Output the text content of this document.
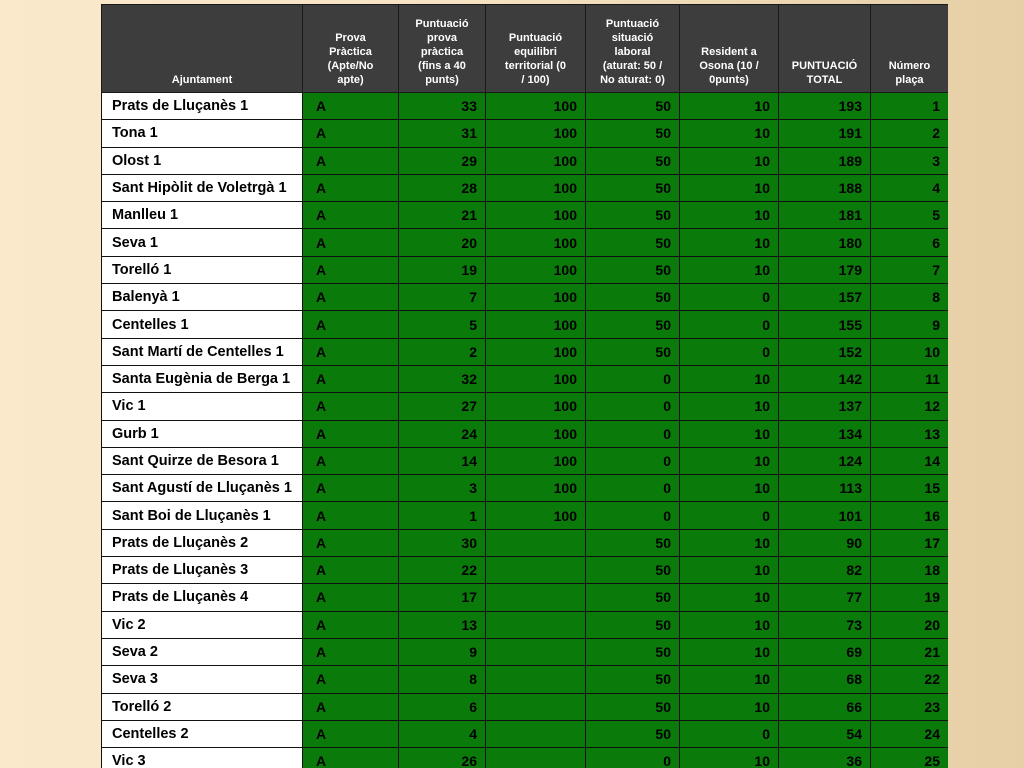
Ajuntament	Prova
Pràctica
(Apte/No
apte)	Puntuació
prova
pràctica
(fins a 40
punts)	Puntuació
equilibri
territorial (0
/ 100)	Puntuació
situació
laboral
(aturat: 50 /
No aturat: 0)	Resident a
Osona (10 /
0punts)	PUNTUACIÓ
TOTAL	Número
plaça
Prats de Lluçanès 1	A	33	100	50	10	193	1
Tona 1	A	31	100	50	10	191	2
Olost 1	A	29	100	50	10	189	3
Sant Hipòlit de Voletrgà 1	A	28	100	50	10	188	4
Manlleu 1	A	21	100	50	10	181	5
Seva 1	A	20	100	50	10	180	6
Torelló 1	A	19	100	50	10	179	7
Balenyà 1	A	7	100	50	0	157	8
Centelles 1	A	5	100	50	0	155	9
Sant Martí de Centelles 1	A	2	100	50	0	152	10
Santa Eugènia de Berga 1	A	32	100	0	10	142	11
Vic 1	A	27	100	0	10	137	12
Gurb 1	A	24	100	0	10	134	13
Sant Quirze de Besora 1	A	14	100	0	10	124	14
Sant Agustí de Lluçanès 1	A	3	100	0	10	113	15
Sant Boi de Lluçanès 1	A	1	100	0	0	101	16
Prats de Lluçanès 2	A	30		50	10	90	17
Prats de Lluçanès 3	A	22		50	10	82	18
Prats de Lluçanès 4	A	17		50	10	77	19
Vic 2	A	13		50	10	73	20
Seva 2	A	9		50	10	69	21
Seva 3	A	8		50	10	68	22
Torelló 2	A	6		50	10	66	23
Centelles 2	A	4		50	0	54	24
Vic 3	A	26		0	10	36	25
